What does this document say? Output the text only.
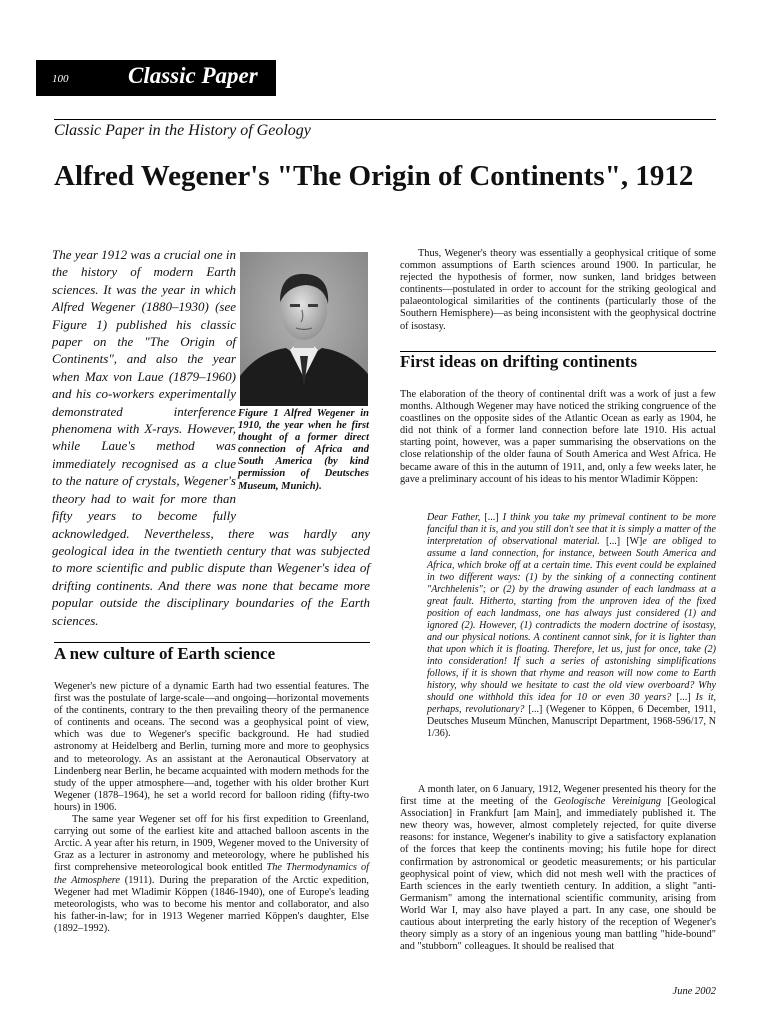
100	Classic Paper
Classic Paper in the History of Geology
Alfred Wegener's "The Origin of Continents", 1912
The year 1912 was a crucial one in the history of modern Earth sciences. It was the year in which Alfred Wegener (1880–1930) (see Figure 1) published his classic paper on the "The Origin of Continents", and also the year when Max von Laue (1879–1960) and his co-workers experimentally demonstrated interference phenomena with X-rays. However, while Laue's method was immediately recognised as a clue to the nature of crystals, Wegener's theory had to wait for more than fifty years to become fully acknowledged. Nevertheless, there was hardly any geological idea in the twentieth century that was subjected to more scientific and public dispute than Wegener's idea of drifting continents. And there was none that became more popular outside the disciplinary boundaries of the Earth sciences.
Figure 1 Alfred Wegener in 1910, the year when he first thought of a former direct connection of Africa and South America (by kind permission of Deutsches Museum, Munich).
A new culture of Earth science

Wegener's new picture of a dynamic Earth had two essential features. The first was the postulate of large-scale—and ongoing—horizontal movements of the continents, contrary to the then prevailing theory of the permanence of continents and oceans. The second was a geophysical point of view, which was due to Wegener's specific background. He had studied astronomy at Heidelberg and Berlin, turning more and more to geophysics and to meteorology. As an assistant at the Aeronautical Observatory at Lindenberg near Berlin, he became acquainted with modern methods for the study of the upper atmosphere—and, together with his older brother Kurt Wegener (1878–1964), he set a world record for balloon riding (fifty-two hours) in 1906.

The same year Wegener set off for his first expedition to Greenland, carrying out some of the earliest kite and attached balloon ascents in the Arctic. A year after his return, in 1909, Wegener moved to the University of Graz as a lecturer in astronomy and meteorology, where he published his first comprehensive meteorological book entitled The Thermodynamics of the Atmosphere (1911). During the preparation of the Arctic expedition, Wegener had met Wladimir Köppen (1846-1940), one of Europe's leading meteorologists, who was to become his mentor and collaborator, and also his father-in-law; for in 1913 Wegener married Köppen's daughter, Else (1892–1992).

Thus, Wegener's theory was essentially a geophysical critique of some common assumptions of Earth sciences around 1900. In particular, he rejected the hypothesis of former, now sunken, land bridges between continents—postulated in order to account for the striking geological and palaeontological similarities of the continents (particularly those of the Southern Hemisphere)—as being inconsistent with the geophysical doctrine of isostasy.

First ideas on drifting continents

The elaboration of the theory of continental drift was a work of just a few months. Although Wegener may have noticed the striking congruence of the coastlines on the opposite sides of the Atlantic Ocean as early as 1904, he did not think of a former land connection before late 1910. His actual starting point, however, was a paper summarising the observations on the close relationship of the older fauna of South America and West Africa. He became aware of this in the autumn of 1911, and, only a few weeks later, he gave a preliminary account of his ideas to his mentor Wladimir Köppen:

Dear Father, [...] I think you take my primeval continent to be more fanciful than it is, and you still don't see that it is simply a matter of the interpretation of observational material. [...] [W]e are obliged to assume a land connection, for instance, between South America and Africa, which broke off at a certain time. This event could be explained in two different ways: (1) by the sinking of a connecting continent "Archhelenis"; or (2) by the drawing asunder of each landmass at a great fault. Hitherto, starting from the unproven idea of the fixed position of each landmass, one has always just considered (1) and ignored (2). However, (1) contradicts the modern doctrine of isostasy, and our physical notions. A continent cannot sink, for it is lighter than that upon which it is floating. Therefore, let us, just for once, take (2) into consideration! If such a series of astonishing simplifications follows, if it is shown that rhyme and reason will now come to Earth history, why should we hesitate to cast the old view overboard? Why should one withhold this idea for 10 or even 30 years? [...] Is it, perhaps, revolutionary? [...] (Wegener to Köppen, 6 December, 1911, Deutsches Museum München, Manuscript Department, 1968-596/17, N 1/36).

A month later, on 6 January, 1912, Wegener presented his theory for the first time at the meeting of the Geologische Vereinigung [Geological Association] in Frankfurt [am Main], and immediately published it. The new theory was, however, almost completely rejected, for quite diverse reasons: for instance, Wegener's inability to give a satisfactory explanation of the forces that keep the continents moving; his futile hope for direct confirmation by astronomical or geodetic measurements; or his particular geophysical point of view, which did not mesh well with the practices of Earth sciences in the early twentieth century. In addition, a slight "anti-Germanism" among the international scientific community, arising from World War I, may also have played a part. In any case, one should be cautious about interpreting the early history of the reception of Wegener's theory simply as a story of an ingenious young man battling "hide-bound" and "stubborn" colleagues. It should be realised that

June 2002
